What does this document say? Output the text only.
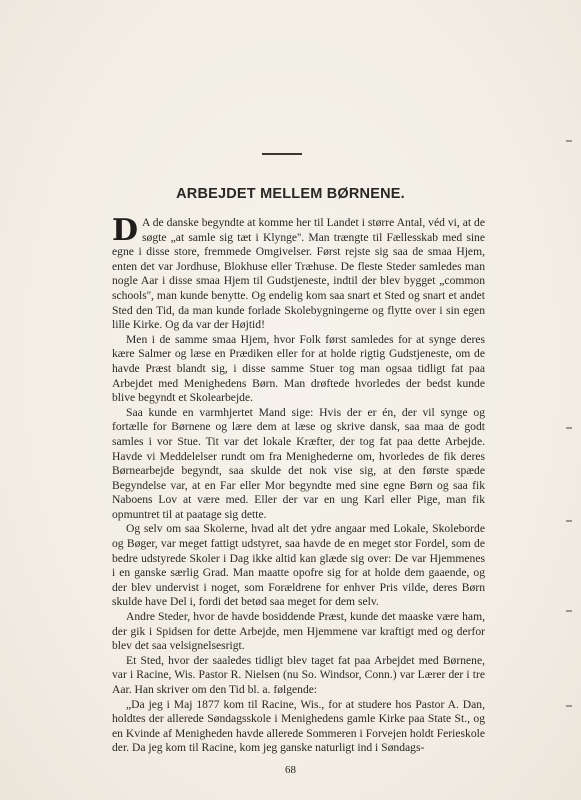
ARBEJDET MELLEM BØRNENE.

D A de danske begyndte at komme her til Landet i større Antal, véd vi, at de søgte „at samle sig tæt i Klynge''. Man trængte til Fællesskab med sine egne i disse store, fremmede Omgivelser. Først rejste sig saa de smaa Hjem, enten det var Jordhuse, Blokhuse eller Træhuse. De fleste Steder samledes man nogle Aar i disse smaa Hjem til Gudstjeneste, indtil der blev bygget „common schools'', man kunde benytte. Og endelig kom saa snart et Sted og snart et andet Sted den Tid, da man kunde forlade Skolebygningerne og flytte over i sin egen lille Kirke. Og da var der Højtid!

Men i de samme smaa Hjem, hvor Folk først samledes for at synge deres kære Salmer og læse en Prædiken eller for at holde rigtig Gudstjeneste, om de havde Præst blandt sig, i disse samme Stuer tog man ogsaa tidligt fat paa Arbejdet med Menighedens Børn. Man drøftede hvorledes der bedst kunde blive begyndt et Skolearbejde.

Saa kunde en varmhjertet Mand sige: Hvis der er én, der vil synge og fortælle for Børnene og lære dem at læse og skrive dansk, saa maa de godt samles i vor Stue. Tit var det lokale Kræfter, der tog fat paa dette Arbejde. Havde vi Meddelelser rundt om fra Menighederne om, hvorledes de fik deres Børnearbejde begyndt, saa skulde det nok vise sig, at den første spæde Begyndelse var, at en Far eller Mor begyndte med sine egne Børn og saa fik Naboens Lov at være med. Eller der var en ung Karl eller Pige, man fik opmuntret til at paatage sig dette.

Og selv om saa Skolerne, hvad alt det ydre angaar med Lokale, Skoleborde og Bøger, var meget fattigt udstyret, saa havde de en meget stor Fordel, som de bedre udstyrede Skoler i Dag ikke altid kan glæde sig over: De var Hjemmenes i en ganske særlig Grad. Man maatte opofre sig for at holde dem gaaende, og der blev undervist i noget, som Forældrene for enhver Pris vilde, deres Børn skulde have Del i, fordi det betød saa meget for dem selv.

Andre Steder, hvor de havde bosiddende Præst, kunde det maaske være ham, der gik i Spidsen for dette Arbejde, men Hjemmene var kraftigt med og derfor blev det saa velsignelsesrigt.

Et Sted, hvor der saaledes tidligt blev taget fat paa Arbejdet med Børnene, var i Racine, Wis. Pastor R. Nielsen (nu So. Windsor, Conn.) var Lærer der i tre Aar. Han skriver om den Tid bl. a. følgende:

„Da jeg i Maj 1877 kom til Racine, Wis., for at studere hos Pastor A. Dan, holdtes der allerede Søndagsskole i Menighedens gamle Kirke paa State St., og en Kvinde af Menigheden havde allerede Sommeren i Forvejen holdt Ferieskole der. Da jeg kom til Racine, kom jeg ganske naturligt ind i Søndags-

68
